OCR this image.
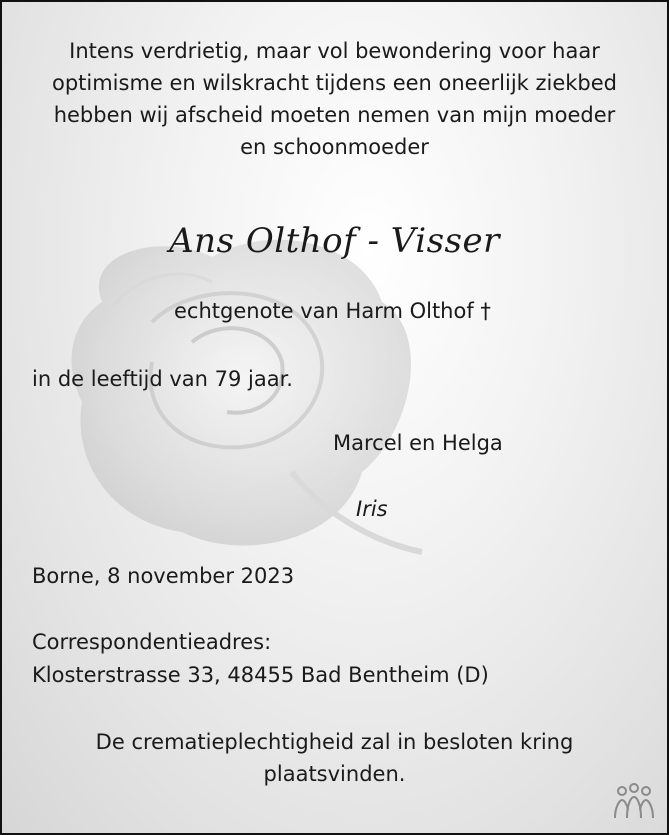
Intens verdrietig, maar vol bewondering voor haar
optimisme en wilskracht tijdens een oneerlijk ziekbed
hebben wij afscheid moeten nemen van mijn moeder
en schoonmoeder
Ans Olthof - Visser
echtgenote van Harm Olthof †
in de leeftijd van 79 jaar.
Marcel en Helga
Iris
Borne, 8 november 2023
Correspondentieadres:
Klosterstrasse 33, 48455 Bad Bentheim (D)
De crematieplechtigheid zal in besloten kring
plaatsvinden.
